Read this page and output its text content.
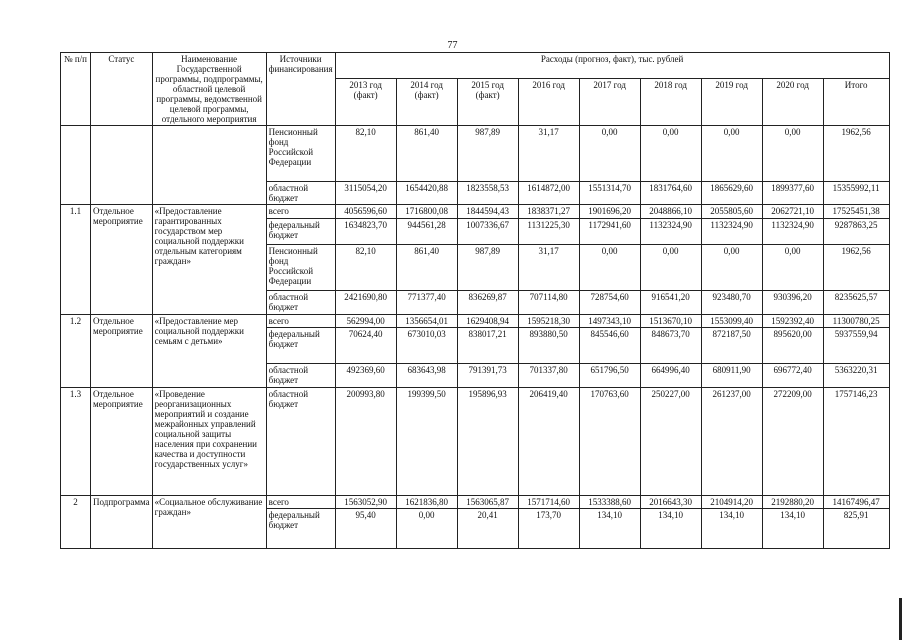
77
№ п/п	Статус	Наименование Государственной программы, подпрограммы, областной целевой программы, ведомственной целевой программы, отдельного мероприятия	Источники финансирования	Расходы (прогноз, факт), тыс. рублей								
				2013 год (факт)	2014 год (факт)	2015 год (факт)	2016 год	2017 год	2018 год	2019 год	2020 год	Итого
			Пенсионный фонд Российской Федерации	82,10	861,40	987,89	31,17	0,00	0,00	0,00	0,00	1962,56
			областной бюджет	3115054,20	1654420,88	1823558,53	1614872,00	1551314,70	1831764,60	1865629,60	1899377,60	15355992,11
1.1	Отдельное мероприятие	«Предоставление гарантированных государством мер социальной поддержки отдельным категориям граждан»	всего	4056596,60	1716800,08	1844594,43	1838371,27	1901696,20	2048866,10	2055805,60	2062721,10	17525451,38
			федеральный бюджет	1634823,70	944561,28	1007336,67	1131225,30	1172941,60	1132324,90	1132324,90	1132324,90	9287863,25
			Пенсионный фонд Российской Федерации	82,10	861,40	987,89	31,17	0,00	0,00	0,00	0,00	1962,56
			областной бюджет	2421690,80	771377,40	836269,87	707114,80	728754,60	916541,20	923480,70	930396,20	8235625,57
1.2	Отдельное мероприятие	«Предоставление мер социальной поддержки семьям с детьми»	всего	562994,00	1356654,01	1629408,94	1595218,30	1497343,10	1513670,10	1553099,40	1592392,40	11300780,25
			федеральный бюджет	70624,40	673010,03	838017,21	893880,50	845546,60	848673,70	872187,50	895620,00	5937559,94
			областной бюджет	492369,60	683643,98	791391,73	701337,80	651796,50	664996,40	680911,90	696772,40	5363220,31
1.3	Отдельное мероприятие	«Проведение реорганизационных мероприятий и создание межрайонных управлений социальной защиты населения при сохранении качества и доступности государственных услуг»	областной бюджет	200993,80	199399,50	195896,93	206419,40	170763,60	250227,00	261237,00	272209,00	1757146,23
2	Подпрограмма	«Социальное обслуживание граждан»	всего	1563052,90	1621836,80	1563065,87	1571714,60	1533388,60	2016643,30	2104914,20	2192880,20	14167496,47
			федеральный бюджет	95,40	0,00	20,41	173,70	134,10	134,10	134,10	134,10	825,91
